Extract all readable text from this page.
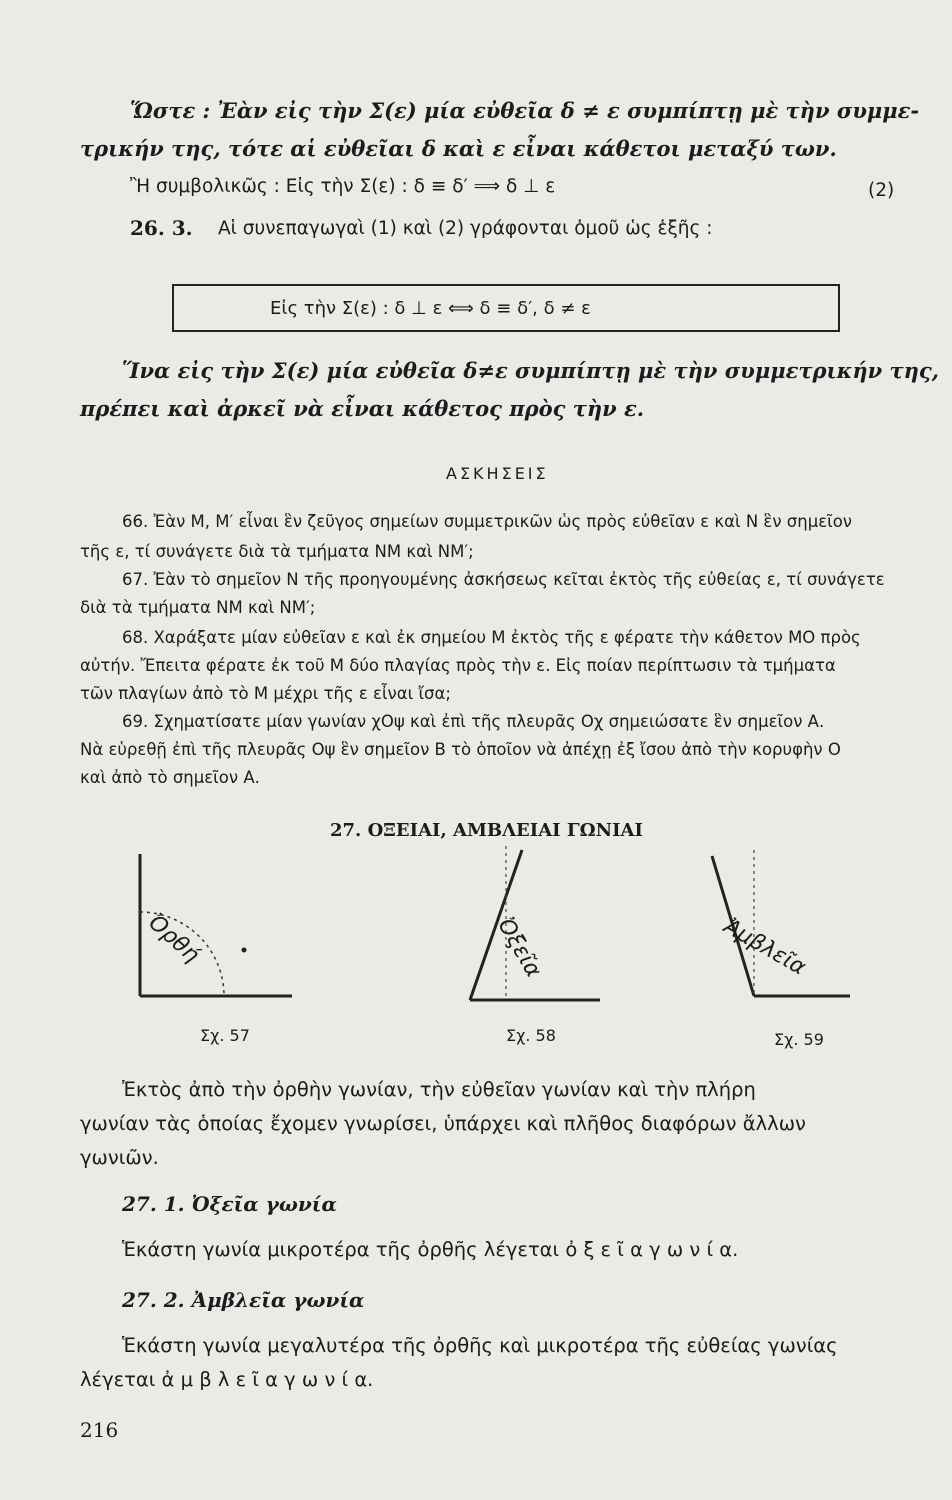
Ὥστε : Ἐὰν εἰς τὴν Σ(ε) μία εὐθεῖα δ ≠ ε συμπίπτῃ μὲ τὴν συμμε-
τρικήν της, τότε αἱ εὐθεῖαι δ καὶ ε εἶναι κάθετοι μεταξύ των.
Ἢ συμβολικῶς : Εἰς τὴν Σ(ε) : δ ≡ δ′ ⟹ δ ⊥ ε	(2)
26. 3. Αἱ συνεπαγωγαὶ (1) καὶ (2) γράφονται ὁμοῦ ὡς ἑξῆς :
Εἰς τὴν Σ(ε) : δ ⊥ ε ⟺ δ ≡ δ′, δ ≠ ε
Ἵνα εἰς τὴν Σ(ε) μία εὐθεῖα δ≠ε συμπίπτῃ μὲ τὴν συμμετρικήν της,
πρέπει καὶ ἀρκεῖ νὰ εἶναι κάθετος πρὸς τὴν ε.
ΑΣΚΗΣΕΙΣ
66. Ἐὰν Μ, Μ′ εἶναι ἓν ζεῦγος σημείων συμμετρικῶν ὡς πρὸς εὐθεῖαν ε καὶ Ν ἓν σημεῖον
τῆς ε, τί συνάγετε διὰ τὰ τμήματα ΝΜ καὶ ΝΜ′;
67. Ἐὰν τὸ σημεῖον Ν τῆς προηγουμένης ἀσκήσεως κεῖται ἐκτὸς τῆς εὐθείας ε, τί συνάγετε
διὰ τὰ τμήματα ΝΜ καὶ ΝΜ′;
68. Χαράξατε μίαν εὐθεῖαν ε καὶ ἐκ σημείου Μ ἐκτὸς τῆς ε φέρατε τὴν κάθετον ΜΟ πρὸς
αὐτήν. Ἔπειτα φέρατε ἐκ τοῦ Μ δύο πλαγίας πρὸς τὴν ε. Εἰς ποίαν περίπτωσιν τὰ τμήματα
τῶν πλαγίων ἀπὸ τὸ Μ μέχρι τῆς ε εἶναι ἴσα;
69. Σχηματίσατε μίαν γωνίαν χΟψ καὶ ἐπὶ τῆς πλευρᾶς Οχ σημειώσατε ἓν σημεῖον Α.
Νὰ εὑρεθῇ ἐπὶ τῆς πλευρᾶς Οψ ἓν σημεῖον Β τὸ ὁποῖον νὰ ἀπέχῃ ἐξ ἴσου ἀπὸ τὴν κορυφὴν Ο
καὶ ἀπὸ τὸ σημεῖον Α.
27. ΟΞΕΙΑΙ, ΑΜΒΛΕΙΑΙ ΓΩΝΙΑΙ
Ὀρθή
Σχ. 57
Ὀξεῖα
Σχ. 58
Ἀμβλεῖα
Σχ. 59
Ἐκτὸς ἀπὸ τὴν ὀρθὴν γωνίαν, τὴν εὐθεῖαν γωνίαν καὶ τὴν πλήρη
γωνίαν τὰς ὁποίας ἔχομεν γνωρίσει, ὑπάρχει καὶ πλῆθος διαφόρων ἄλλων
γωνιῶν.
27. 1. Ὀξεῖα γωνία
Ἑκάστη γωνία μικροτέρα τῆς ὀρθῆς λέγεται ὀ ξ ε ῖ α γ ω ν ί α.
27. 2. Ἀμβλεῖα γωνία
Ἑκάστη γωνία μεγαλυτέρα τῆς ὀρθῆς καὶ μικροτέρα τῆς εὐθείας γωνίας
λέγεται ἀ μ β λ ε ῖ α γ ω ν ί α.
216
